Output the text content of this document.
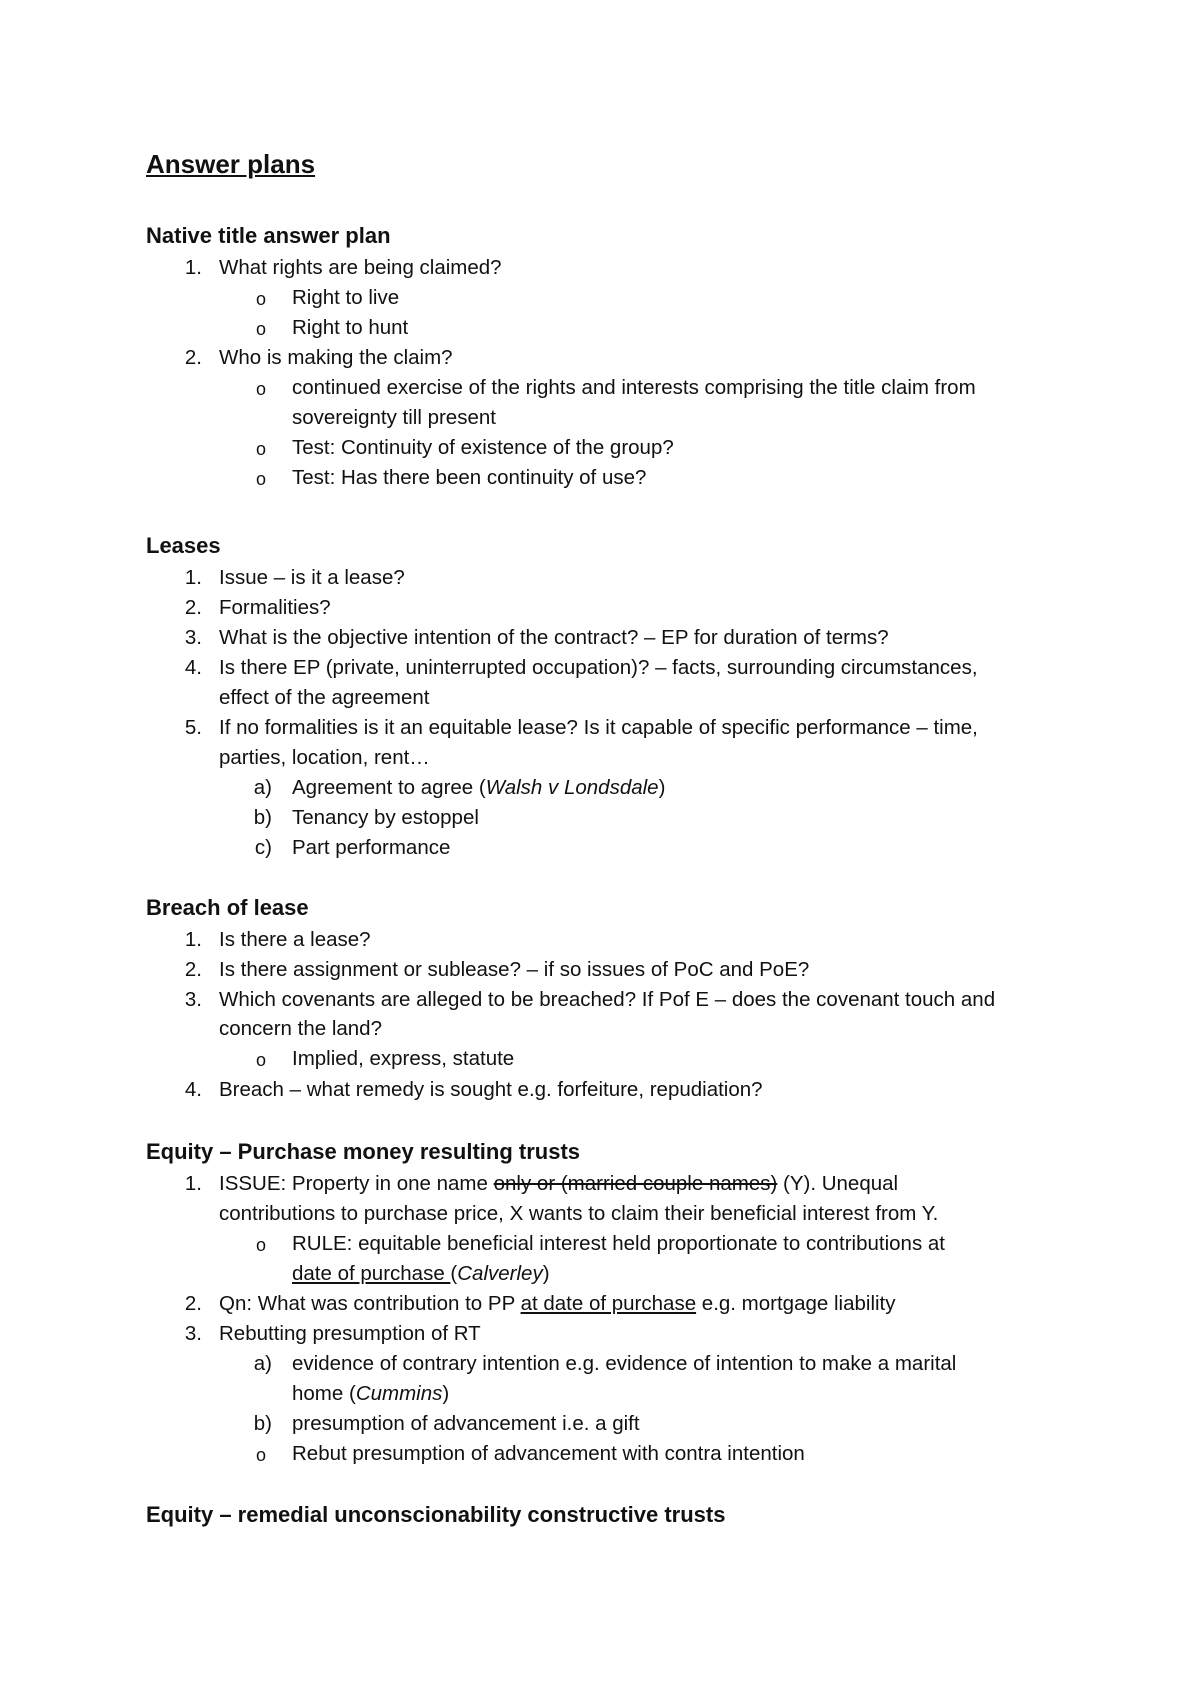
Answer plans
Native title answer plan
1. What rights are being claimed?
o Right to live
o Right to hunt
2. Who is making the claim?
o continued exercise of the rights and interests comprising the title claim from
sovereignty till present
o Test: Continuity of existence of the group?
o Test: Has there been continuity of use?
Leases
1. Issue – is it a lease?
2. Formalities?
3. What is the objective intention of the contract? – EP for duration of terms?
4. Is there EP (private, uninterrupted occupation)? – facts, surrounding circumstances,
effect of the agreement
5. If no formalities is it an equitable lease? Is it capable of specific performance – time,
parties, location, rent…
a) Agreement to agree (Walsh v Londsdale)
b) Tenancy by estoppel
c) Part performance
Breach of lease
1. Is there a lease?
2. Is there assignment or sublease? – if so issues of PoC and PoE?
3. Which covenants are alleged to be breached? If Pof E – does the covenant touch and
concern the land?
o Implied, express, statute
4. Breach – what remedy is sought e.g. forfeiture, repudiation?
Equity – Purchase money resulting trusts
1. ISSUE: Property in one name only or (married couple names) (Y). Unequal
contributions to purchase price, X wants to claim their beneficial interest from Y.
o RULE: equitable beneficial interest held proportionate to contributions at
date of purchase (Calverley)
2. Qn: What was contribution to PP at date of purchase e.g. mortgage liability
3. Rebutting presumption of RT
a) evidence of contrary intention e.g. evidence of intention to make a marital
home (Cummins)
b) presumption of advancement i.e. a gift
o Rebut presumption of advancement with contra intention
Equity – remedial unconscionability constructive trusts
